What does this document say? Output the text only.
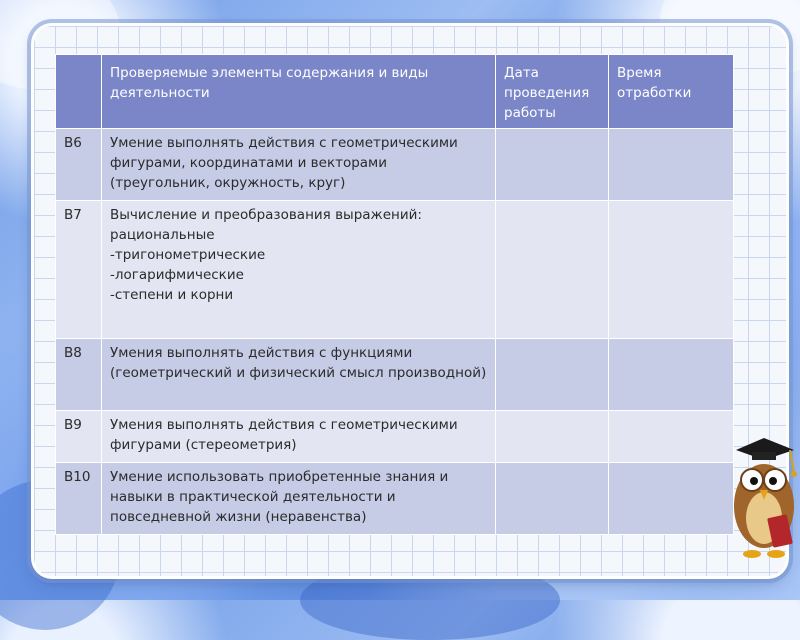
	Проверяемые элементы содержания и виды деятельности	Дата проведения работы	Время отработки
В6	Умение выполнять действия с геометрическими фигурами, координатами и векторами (треугольник, окружность, круг)		

В7	Вычисление и преобразования выражений:
рациональные
-тригонометрические
-логарифмические
-степени и корни		

В8	Умения выполнять действия с функциями (геометрический и физический смысл производной)		

В9	Умения выполнять действия с геометрическими фигурами (стереометрия)		

В10	Умение использовать приобретенные знания и навыки в практической деятельности и повседневной жизни (неравенства)		
